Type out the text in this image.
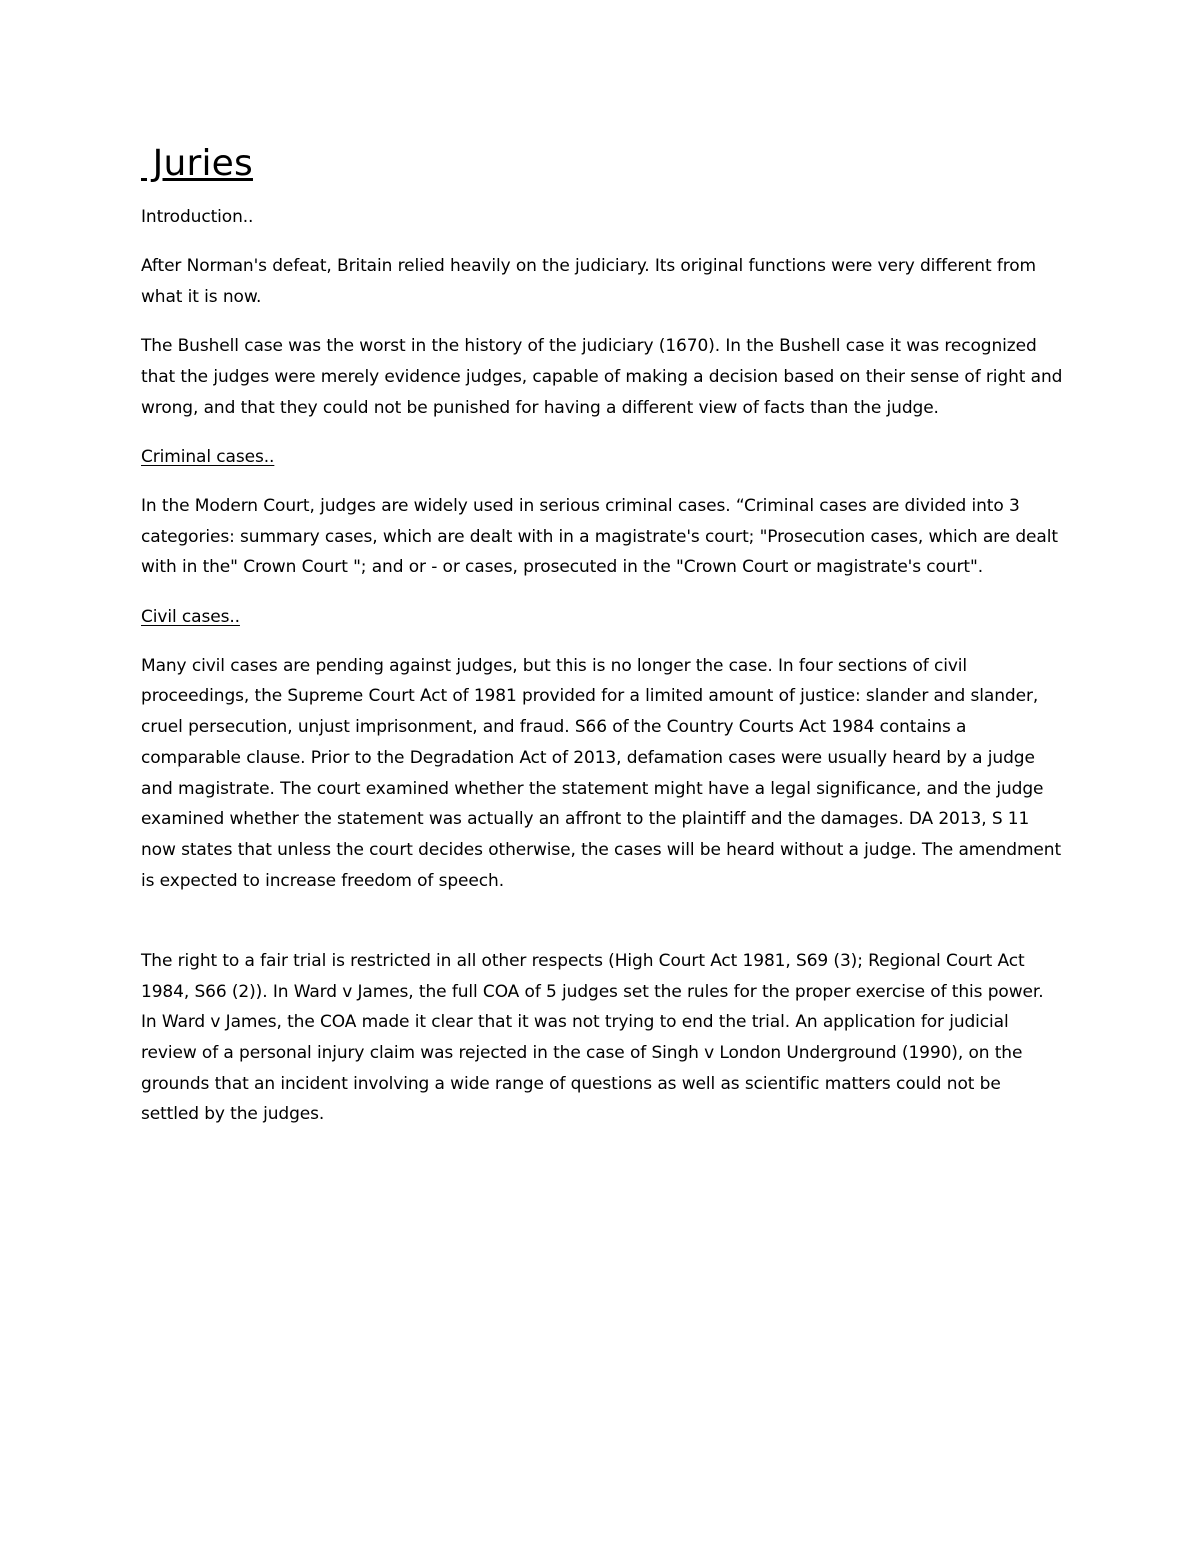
Juries

Introduction..

After Norman's defeat, Britain relied heavily on the judiciary. Its original functions were very different from what it is now.

The Bushell case was the worst in the history of the judiciary (1670). In the Bushell case it was recognized that the judges were merely evidence judges, capable of making a decision based on their sense of right and wrong, and that they could not be punished for having a different view of facts than the judge.

Criminal cases..

In the Modern Court, judges are widely used in serious criminal cases. “Criminal cases are divided into 3 categories: summary cases, which are dealt with in a magistrate's court; "Prosecution cases, which are dealt with in the" Crown Court "; and or - or cases, prosecuted in the "Crown Court or magistrate's court".

Civil cases..

Many civil cases are pending against judges, but this is no longer the case. In four sections of civil proceedings, the Supreme Court Act of 1981 provided for a limited amount of justice: slander and slander, cruel persecution, unjust imprisonment, and fraud. S66 of the Country Courts Act 1984 contains a comparable clause. Prior to the Degradation Act of 2013, defamation cases were usually heard by a judge and magistrate. The court examined whether the statement might have a legal significance, and the judge examined whether the statement was actually an affront to the plaintiff and the damages. DA 2013, S 11 now states that unless the court decides otherwise, the cases will be heard without a judge. The amendment is expected to increase freedom of speech.

The right to a fair trial is restricted in all other respects (High Court Act 1981, S69 (3); Regional Court Act 1984, S66 (2)). In Ward v James, the full COA of 5 judges set the rules for the proper exercise of this power. In Ward v James, the COA made it clear that it was not trying to end the trial. An application for judicial review of a personal injury claim was rejected in the case of Singh v London Underground (1990), on the grounds that an incident involving a wide range of questions as well as scientific matters could not be settled by the judges.
